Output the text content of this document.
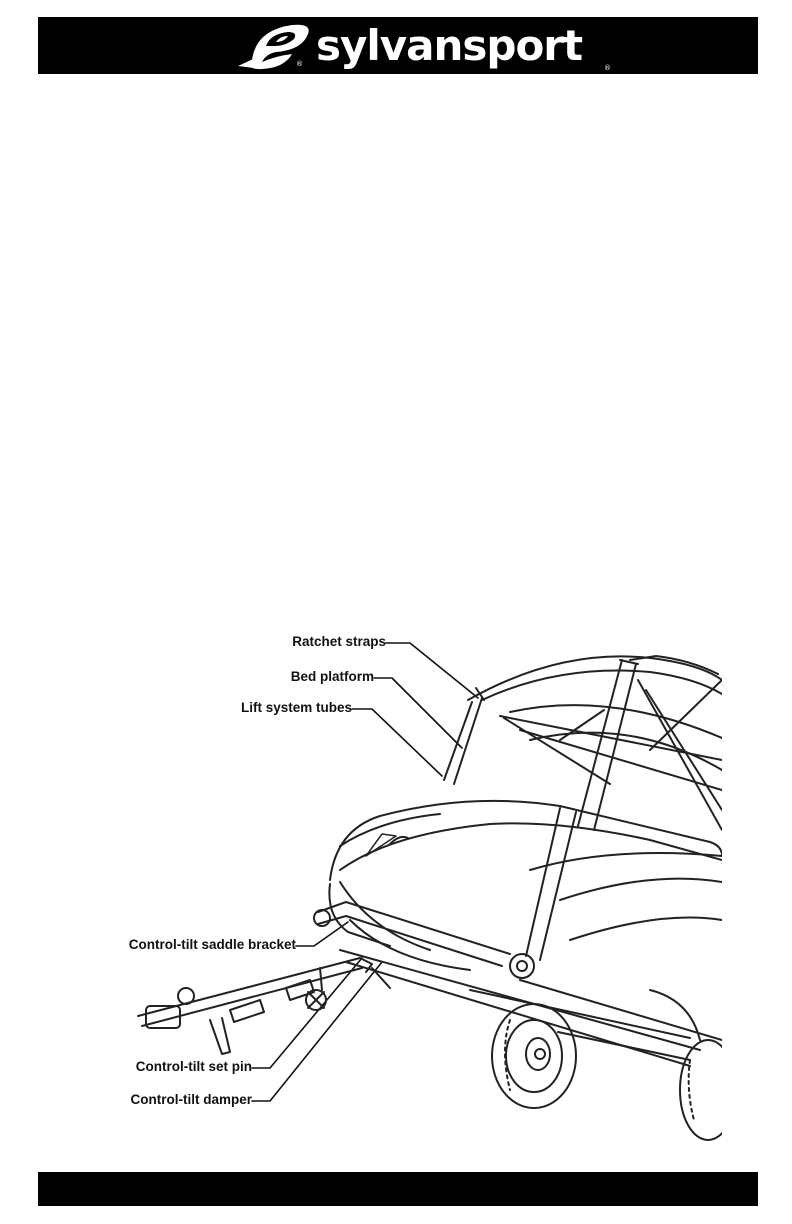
® sylvansport	®
Ratchet straps
Bed platform
Lift system tubes
Control-tilt saddle bracket
Control-tilt set pin
Control-tilt damper
